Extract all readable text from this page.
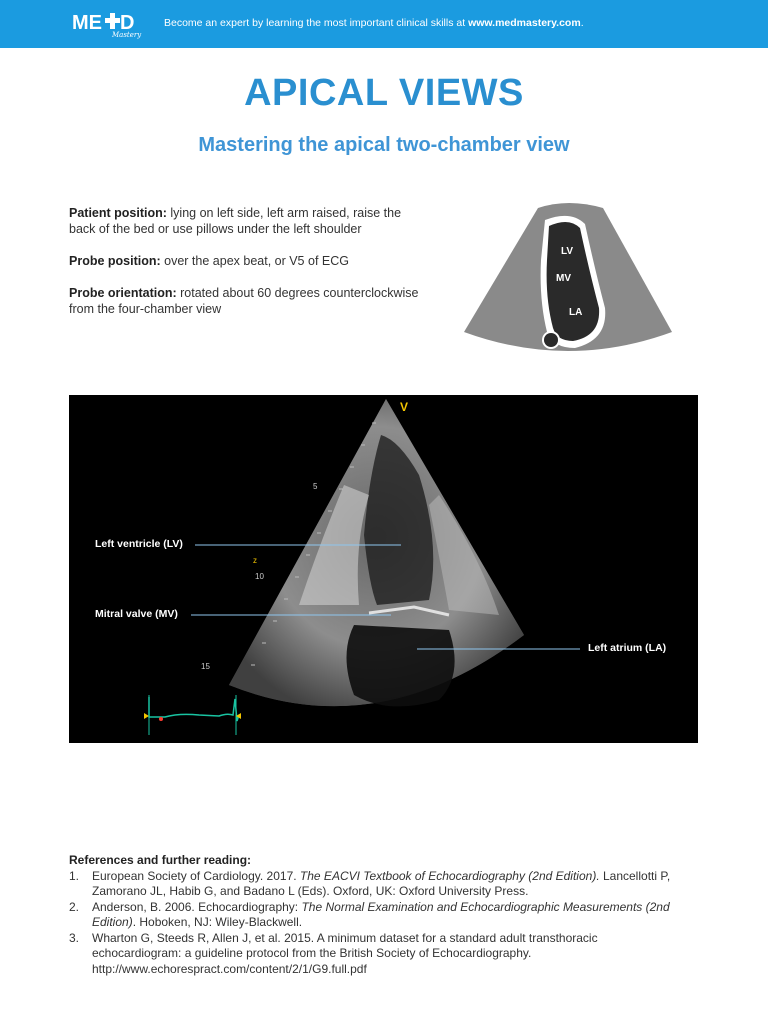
ME D
Mastery
Become an expert by learning the most important clinical skills at www.medmastery.com.
APICAL VIEWS
Mastering the apical two-chamber view

Patient position: lying on left side, left arm raised, raise the back of the bed or use pillows under the left shoulder

Probe position: over the apex beat, or V5 of ECG

Probe orientation: rotated about 60 degrees counterclockwise from the four-chamber view

LV
MV
LA
5
10
15
z
V
Left ventricle (LV)
Mitral valve (MV)
Left atrium (LA)
References and further reading:
1.	European Society of Cardiology. 2017. The EACVI Textbook of Echocardiography (2nd Edition). Lancellotti P, Zamorano JL, Habib G, and Badano L (Eds). Oxford, UK: Oxford University Press.
2.	Anderson, B. 2006. Echocardiography: The Normal Examination and Echocardiographic Measurements (2nd Edition). Hoboken, NJ: Wiley-Blackwell.
3.	Wharton G, Steeds R, Allen J, et al. 2015. A minimum dataset for a standard adult transthoracic echocardiogram: a guideline protocol from the British Society of Echocardiography. http://www.echorespract.com/content/2/1/G9.full.pdf
